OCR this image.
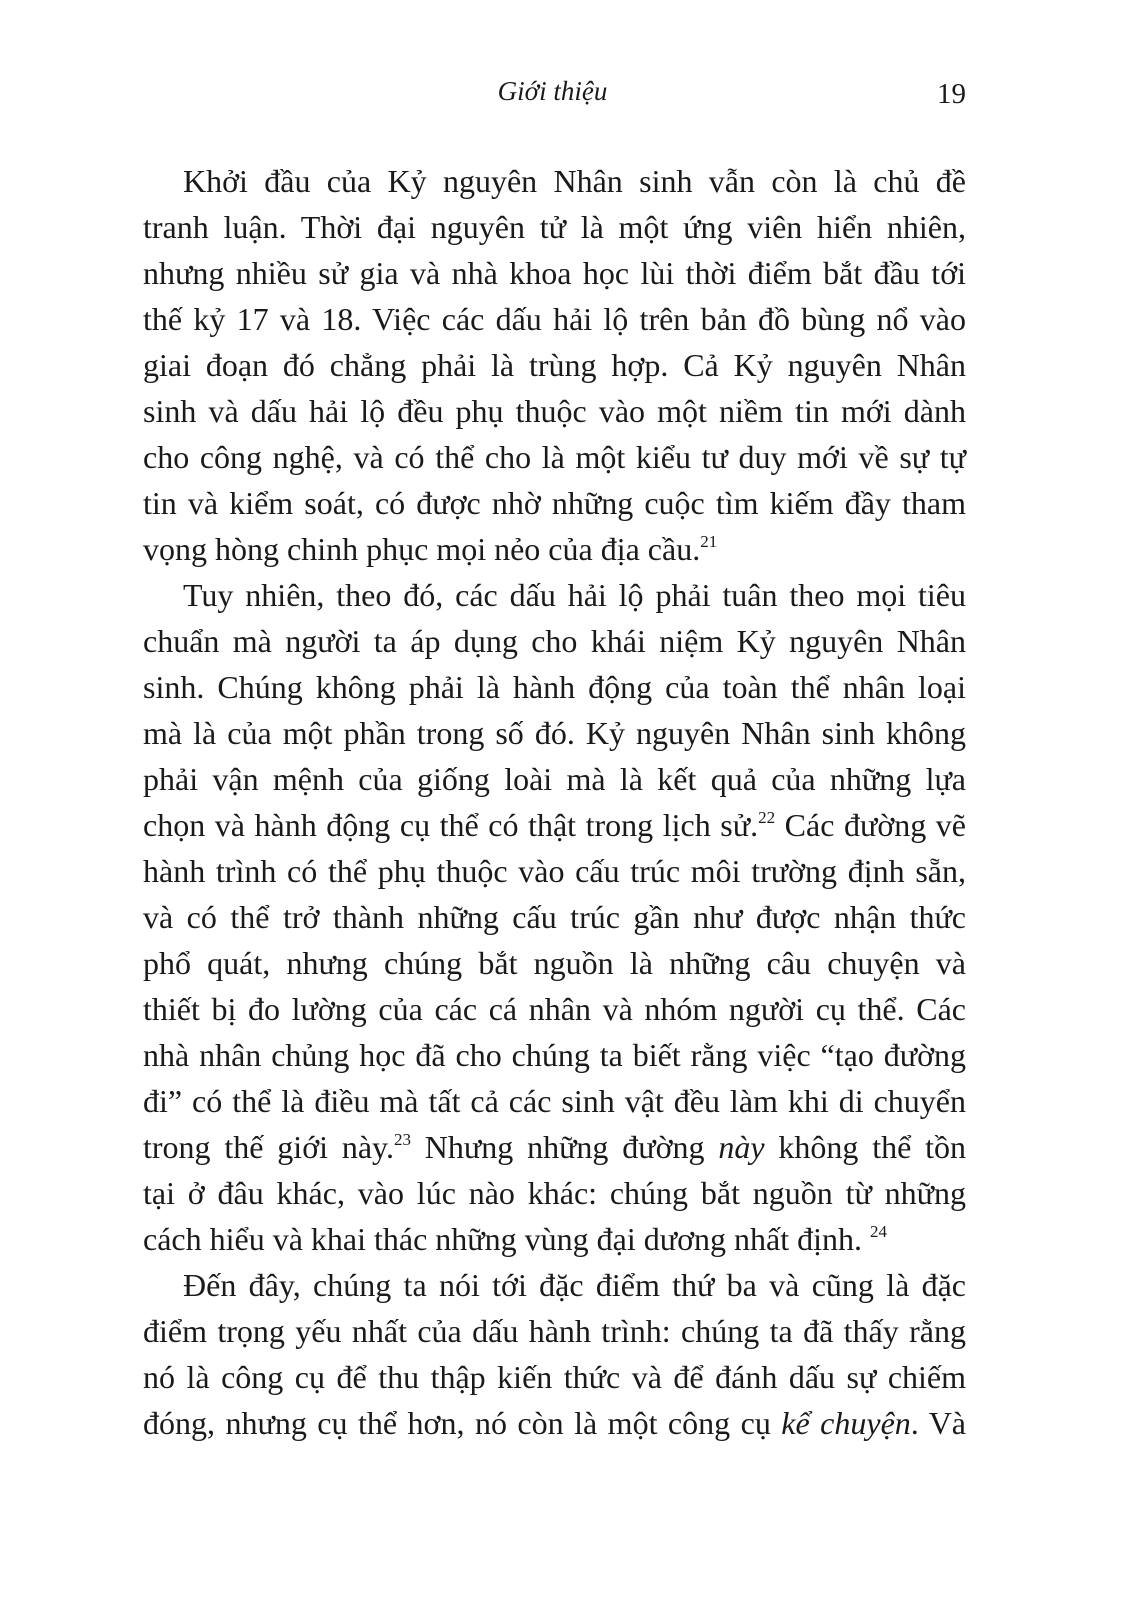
Giới thiệu	19
Khởi đầu của Kỷ nguyên Nhân sinh vẫn còn là chủ đề
tranh luận. Thời đại nguyên tử là một ứng viên hiển nhiên,
nhưng nhiều sử gia và nhà khoa học lùi thời điểm bắt đầu tới
thế kỷ 17 và 18. Việc các dấu hải lộ trên bản đồ bùng nổ vào
giai đoạn đó chẳng phải là trùng hợp. Cả Kỷ nguyên Nhân
sinh và dấu hải lộ đều phụ thuộc vào một niềm tin mới dành
cho công nghệ, và có thể cho là một kiểu tư duy mới về sự tự
tin và kiểm soát, có được nhờ những cuộc tìm kiếm đầy tham
vọng hòng chinh phục mọi nẻo của địa cầu.$^{21}$
Tuy nhiên, theo đó, các dấu hải lộ phải tuân theo mọi tiêu
chuẩn mà người ta áp dụng cho khái niệm Kỷ nguyên Nhân
sinh. Chúng không phải là hành động của toàn thể nhân loại
mà là của một phần trong số đó. Kỷ nguyên Nhân sinh không
phải vận mệnh của giống loài mà là kết quả của những lựa
chọn và hành động cụ thể có thật trong lịch sử.$^{22}$ Các đường vẽ
hành trình có thể phụ thuộc vào cấu trúc môi trường định sẵn,
và có thể trở thành những cấu trúc gần như được nhận thức
phổ quát, nhưng chúng bắt nguồn là những câu chuyện và
thiết bị đo lường của các cá nhân và nhóm người cụ thể. Các
nhà nhân chủng học đã cho chúng ta biết rằng việc “tạo đường
đi” có thể là điều mà tất cả các sinh vật đều làm khi di chuyển
trong thế giới này.$^{23}$ Nhưng những đường này không thể tồn
tại ở đâu khác, vào lúc nào khác: chúng bắt nguồn từ những
cách hiểu và khai thác những vùng đại dương nhất định. $^{24}$
Đến đây, chúng ta nói tới đặc điểm thứ ba và cũng là đặc
điểm trọng yếu nhất của dấu hành trình: chúng ta đã thấy rằng
nó là công cụ để thu thập kiến thức và để đánh dấu sự chiếm
đóng, nhưng cụ thể hơn, nó còn là một công cụ kể chuyện. Và
